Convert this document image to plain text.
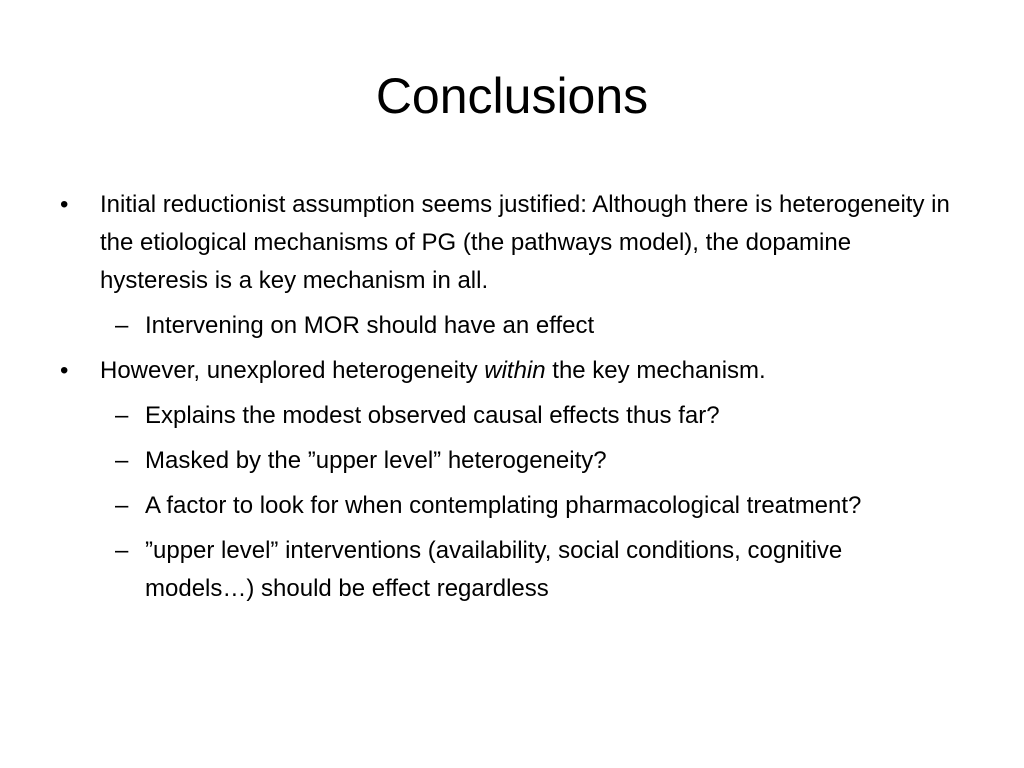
Conclusions
• Initial reductionist assumption seems justified: Although there is heterogeneity in the etiological mechanisms of PG (the pathways model), the dopamine hysteresis is a key mechanism in all.
– Intervening on MOR should have an effect
• However, unexplored heterogeneity within the key mechanism.
– Explains the modest observed causal effects thus far?
– Masked by the ”upper level” heterogeneity?
– A factor to look for when contemplating pharmacological treatment?
– ”upper level” interventions (availability, social conditions, cognitive models…) should be effect regardless
